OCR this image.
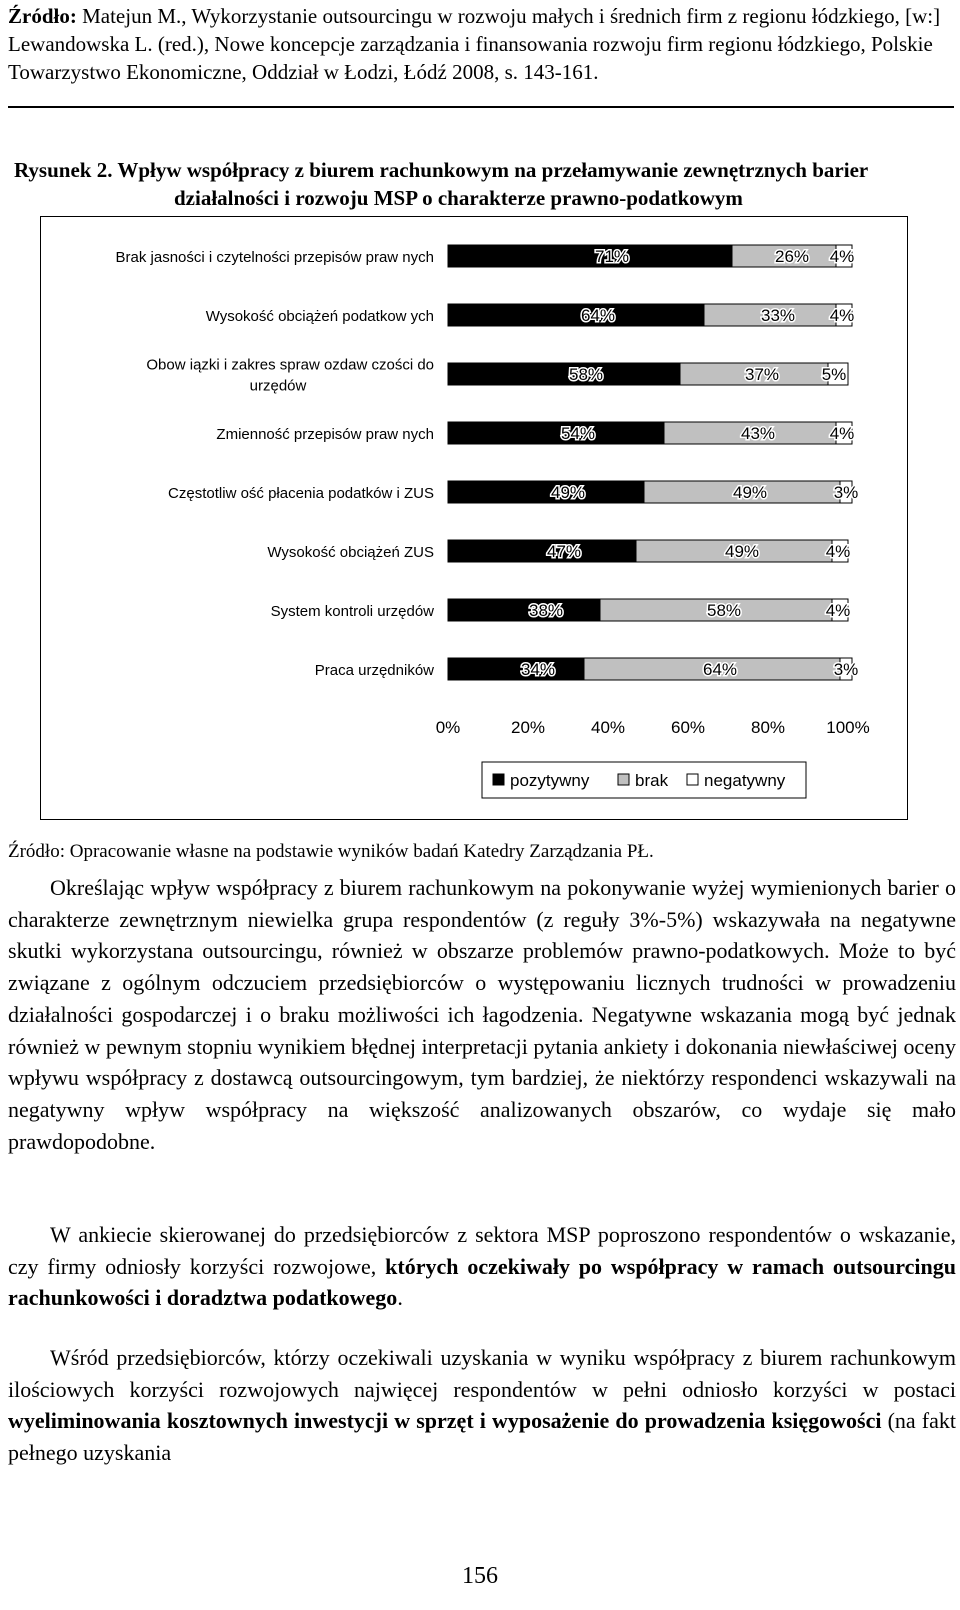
Źródło: Matejun M., Wykorzystanie outsourcingu w rozwoju małych i średnich firm z regionu łódzkiego, [w:] Lewandowska L. (red.), Nowe koncepcje zarządzania i finansowania rozwoju firm regionu łódzkiego, Polskie Towarzystwo Ekonomiczne, Oddział w Łodzi, Łódź 2008, s. 143-161.
Rysunek 2. Wpływ współpracy z biurem rachunkowym na przełamywanie zewnętrznych barier
działalności i rozwoju MSP o charakterze prawno-podatkowym
Brak jasności i czytelności przepisów praw nych	71%	26% 4%
Wysokość obciążeń podatkow ych	64%	33% 4%
Obow iązki i zakres spraw ozdaw czości do
urzędów
58%	37%	5%
Zmienność przepisów praw nych	54%	43%	4%
Częstotliw ość płacenia podatków i ZUS	49%	49%	3%
Wysokość obciążeń ZUS	47%	49%	4%
System kontroli urzędów	38%	58%	4%
Praca urzędników	34%	64%	3%
0%	20%	40%	60%	80% 100%
pozytywny	brak negatywny
Źródło: Opracowanie własne na podstawie wyników badań Katedry Zarządzania PŁ.
Określając wpływ współpracy z biurem rachunkowym na pokonywanie wyżej wymienionych barier o charakterze zewnętrznym niewielka grupa respondentów (z reguły 3%-5%) wskazywała na negatywne skutki wykorzystana outsourcingu, również w obszarze problemów prawno-podatkowych. Może to być związane z ogólnym odczuciem przedsiębiorców o występowaniu licznych trudności w prowadzeniu działalności gospodarczej i o braku możliwości ich łagodzenia. Negatywne wskazania mogą być jednak również w pewnym stopniu wynikiem błędnej interpretacji pytania ankiety i dokonania niewłaściwej oceny wpływu współpracy z dostawcą outsourcingowym, tym bardziej, że niektórzy respondenci wskazywali na negatywny wpływ współpracy na większość analizowanych obszarów, co wydaje się mało prawdopodobne.
W ankiecie skierowanej do przedsiębiorców z sektora MSP poproszono respondentów o wskazanie, czy firmy odniosły korzyści rozwojowe, których oczekiwały po współpracy w ramach outsourcingu rachunkowości i doradztwa podatkowego.
Wśród przedsiębiorców, którzy oczekiwali uzyskania w wyniku współpracy z biurem rachunkowym ilościowych korzyści rozwojowych najwięcej respondentów w pełni odniosło korzyści w postaci wyeliminowania kosztownych inwestycji w sprzęt i wyposażenie do prowadzenia księgowości (na fakt pełnego uzyskania
156
